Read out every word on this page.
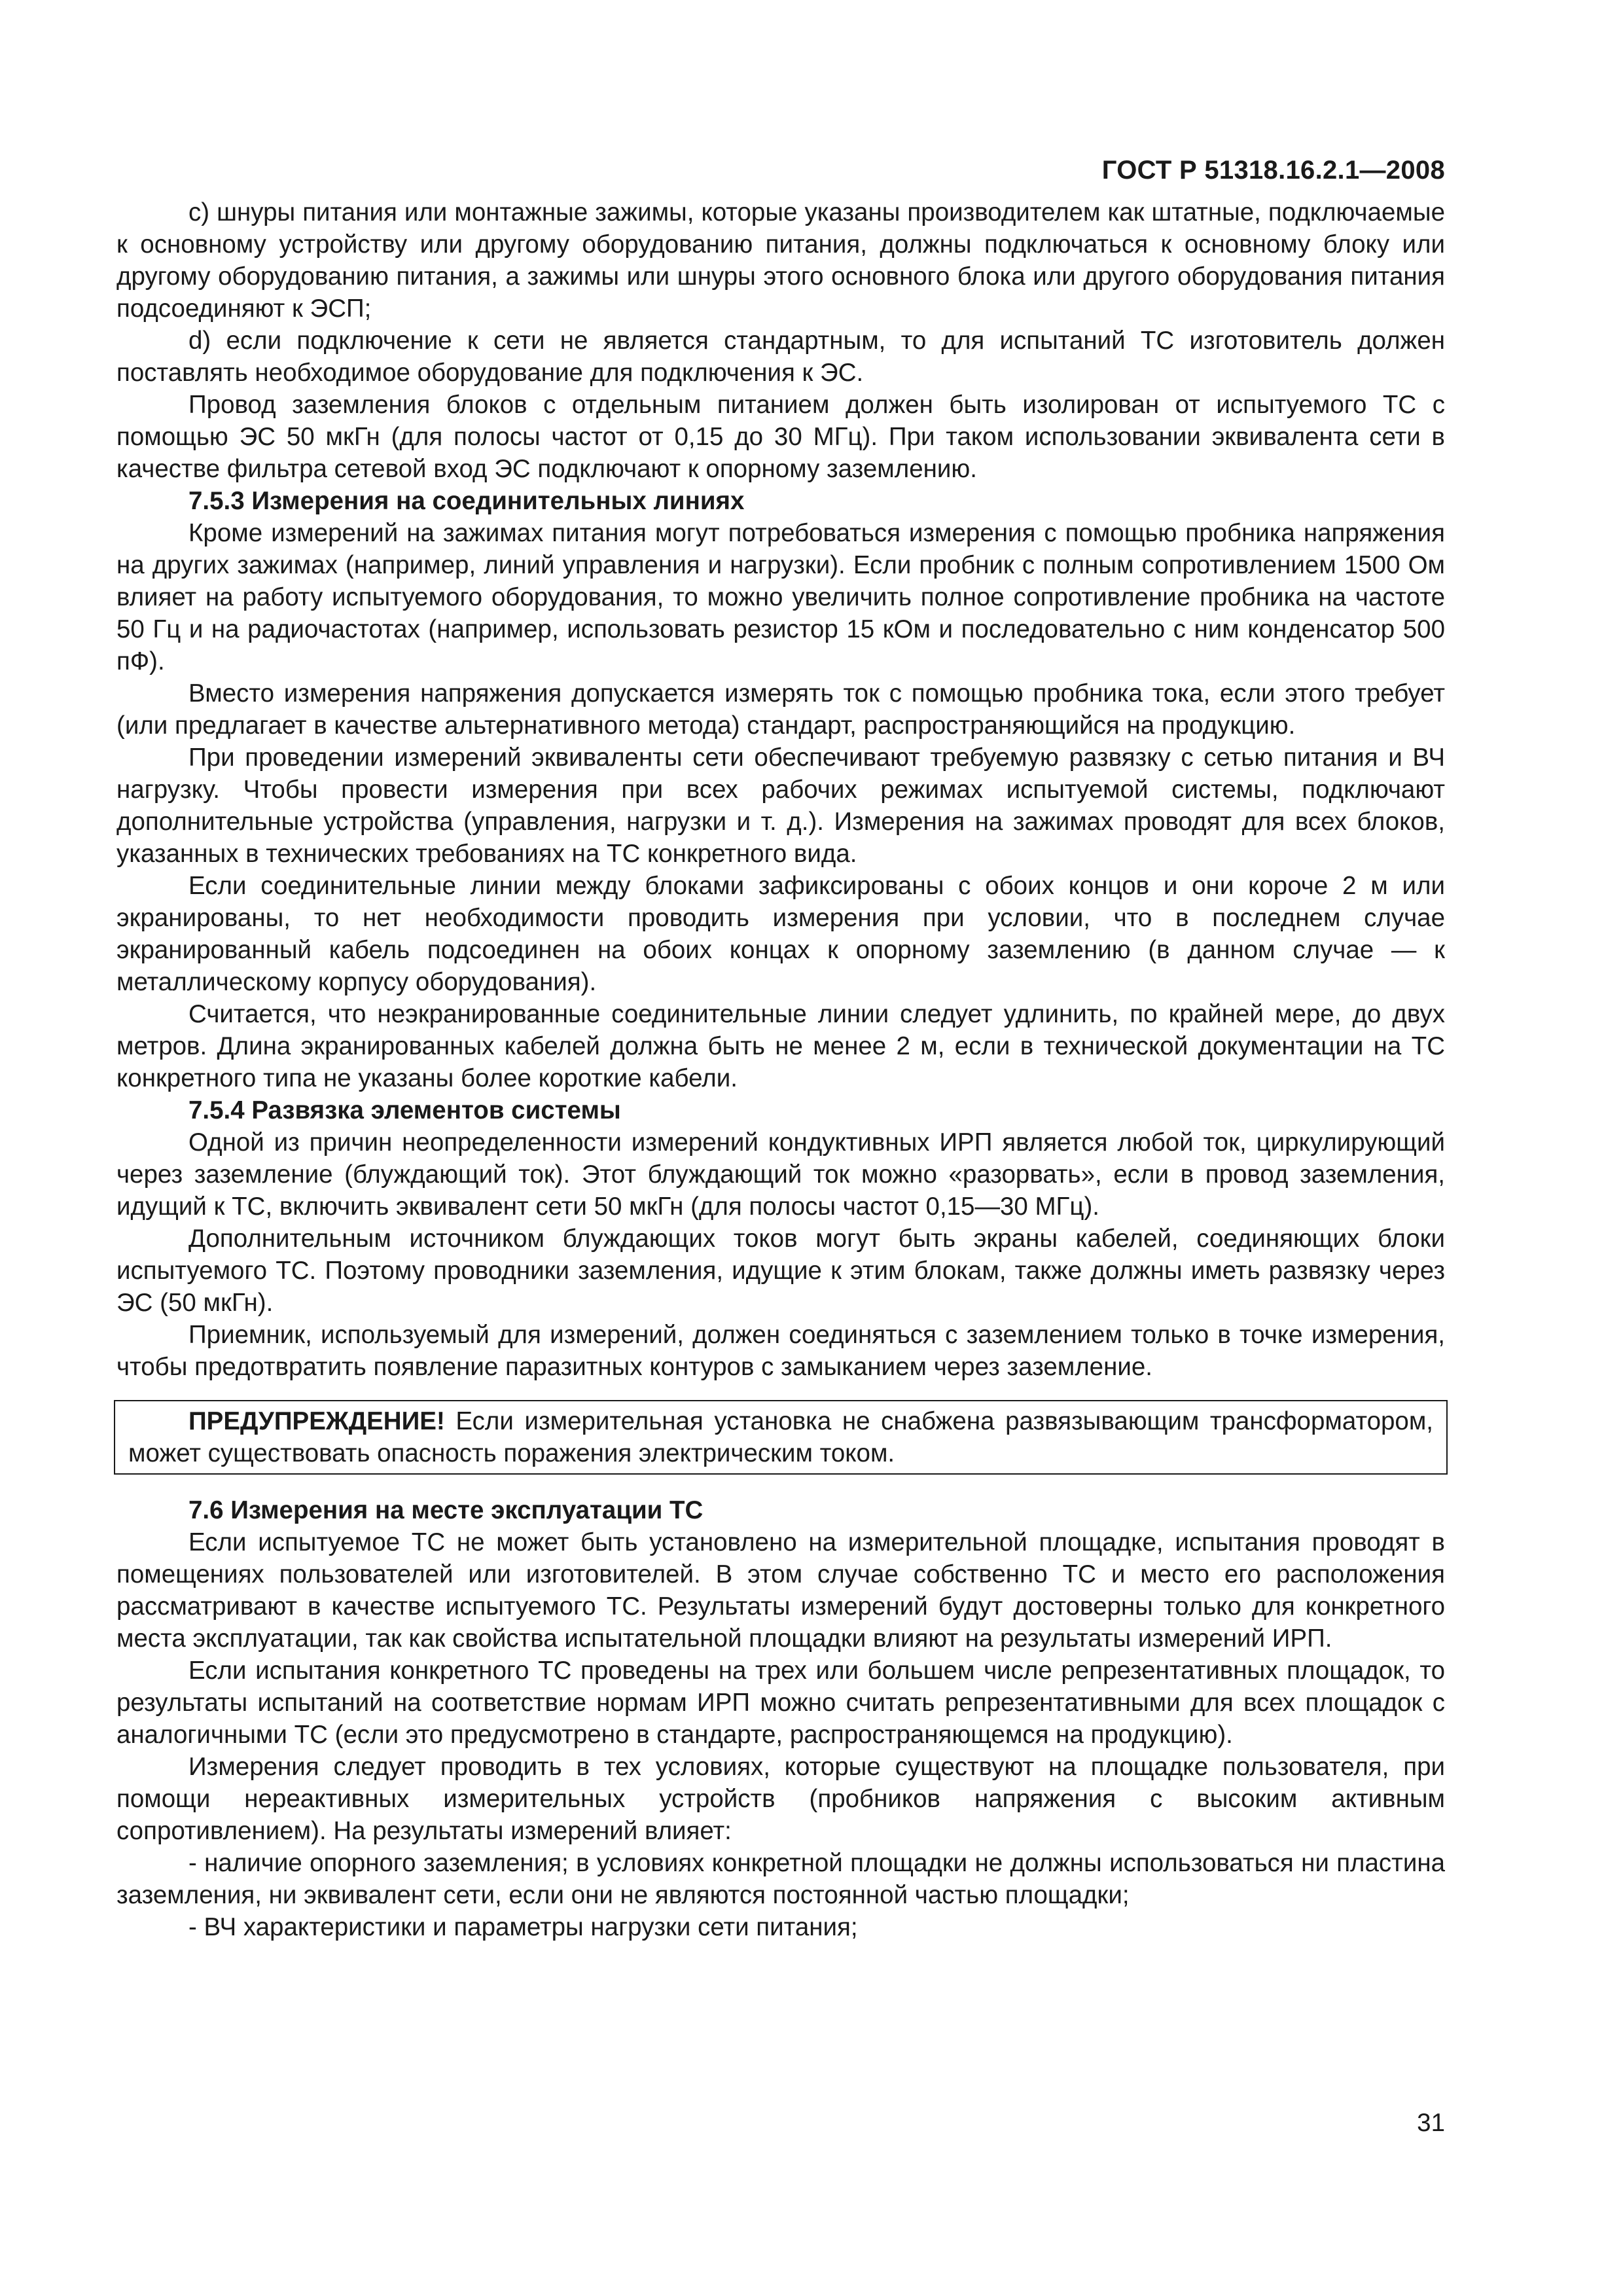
ГОСТ Р 51318.16.2.1—2008

c) шнуры питания или монтажные зажимы, которые указаны производителем как штатные, подключаемые к основному устройству или другому оборудованию питания, должны подключаться к основному блоку или другому оборудованию питания, а зажимы или шнуры этого основного блока или другого оборудования питания подсоединяют к ЭСП;

d) если подключение к сети не является стандартным, то для испытаний ТС изготовитель должен поставлять необходимое оборудование для подключения к ЭС.

Провод заземления блоков с отдельным питанием должен быть изолирован от испытуемого ТС с помощью ЭС 50 мкГн (для полосы частот от 0,15 до 30 МГц). При таком использовании эквивалента сети в качестве фильтра сетевой вход ЭС подключают к опорному заземлению.

7.5.3 Измерения на соединительных линиях

Кроме измерений на зажимах питания могут потребоваться измерения с помощью пробника напряжения на других зажимах (например, линий управления и нагрузки). Если пробник с полным сопротивлением 1500 Ом влияет на работу испытуемого оборудования, то можно увеличить полное сопротивление пробника на частоте 50 Гц и на радиочастотах (например, использовать резистор 15 кОм и последовательно с ним конденсатор 500 пФ).

Вместо измерения напряжения допускается измерять ток с помощью пробника тока, если этого требует (или предлагает в качестве альтернативного метода) стандарт, распространяющийся на продукцию.

При проведении измерений эквиваленты сети обеспечивают требуемую развязку с сетью питания и ВЧ нагрузку. Чтобы провести измерения при всех рабочих режимах испытуемой системы, подключают дополнительные устройства (управления, нагрузки и т. д.). Измерения на зажимах проводят для всех блоков, указанных в технических требованиях на ТС конкретного вида.

Если соединительные линии между блоками зафиксированы с обоих концов и они короче 2 м или экранированы, то нет необходимости проводить измерения при условии, что в последнем случае экранированный кабель подсоединен на обоих концах к опорному заземлению (в данном случае — к металлическому корпусу оборудования).

Считается, что неэкранированные соединительные линии следует удлинить, по крайней мере, до двух метров. Длина экранированных кабелей должна быть не менее 2 м, если в технической документации на ТС конкретного типа не указаны более короткие кабели.

7.5.4 Развязка элементов системы

Одной из причин неопределенности измерений кондуктивных ИРП является любой ток, циркулирующий через заземление (блуждающий ток). Этот блуждающий ток можно «разорвать», если в провод заземления, идущий к ТС, включить эквивалент сети 50 мкГн (для полосы частот 0,15—30 МГц).

Дополнительным источником блуждающих токов могут быть экраны кабелей, соединяющих блоки испытуемого ТС. Поэтому проводники заземления, идущие к этим блокам, также должны иметь развязку через ЭС (50 мкГн).

Приемник, используемый для измерений, должен соединяться с заземлением только в точке измерения, чтобы предотвратить появление паразитных контуров с замыканием через заземление.

ПРЕДУПРЕЖДЕНИЕ! Если измерительная установка не снабжена развязывающим трансформатором, может существовать опасность поражения электрическим током.

7.6 Измерения на месте эксплуатации ТС

Если испытуемое ТС не может быть установлено на измерительной площадке, испытания проводят в помещениях пользователей или изготовителей. В этом случае собственно ТС и место его расположения рассматривают в качестве испытуемого ТС. Результаты измерений будут достоверны только для конкретного места эксплуатации, так как свойства испытательной площадки влияют на результаты измерений ИРП.

Если испытания конкретного ТС проведены на трех или большем числе репрезентативных площадок, то результаты испытаний на соответствие нормам ИРП можно считать репрезентативными для всех площадок с аналогичными ТС (если это предусмотрено в стандарте, распространяющемся на продукцию).

Измерения следует проводить в тех условиях, которые существуют на площадке пользователя, при помощи нереактивных измерительных устройств (пробников напряжения с высоким активным сопротивлением). На результаты измерений влияет:

- наличие опорного заземления; в условиях конкретной площадки не должны использоваться ни пластина заземления, ни эквивалент сети, если они не являются постоянной частью площадки;

- ВЧ характеристики и параметры нагрузки сети питания;

31
